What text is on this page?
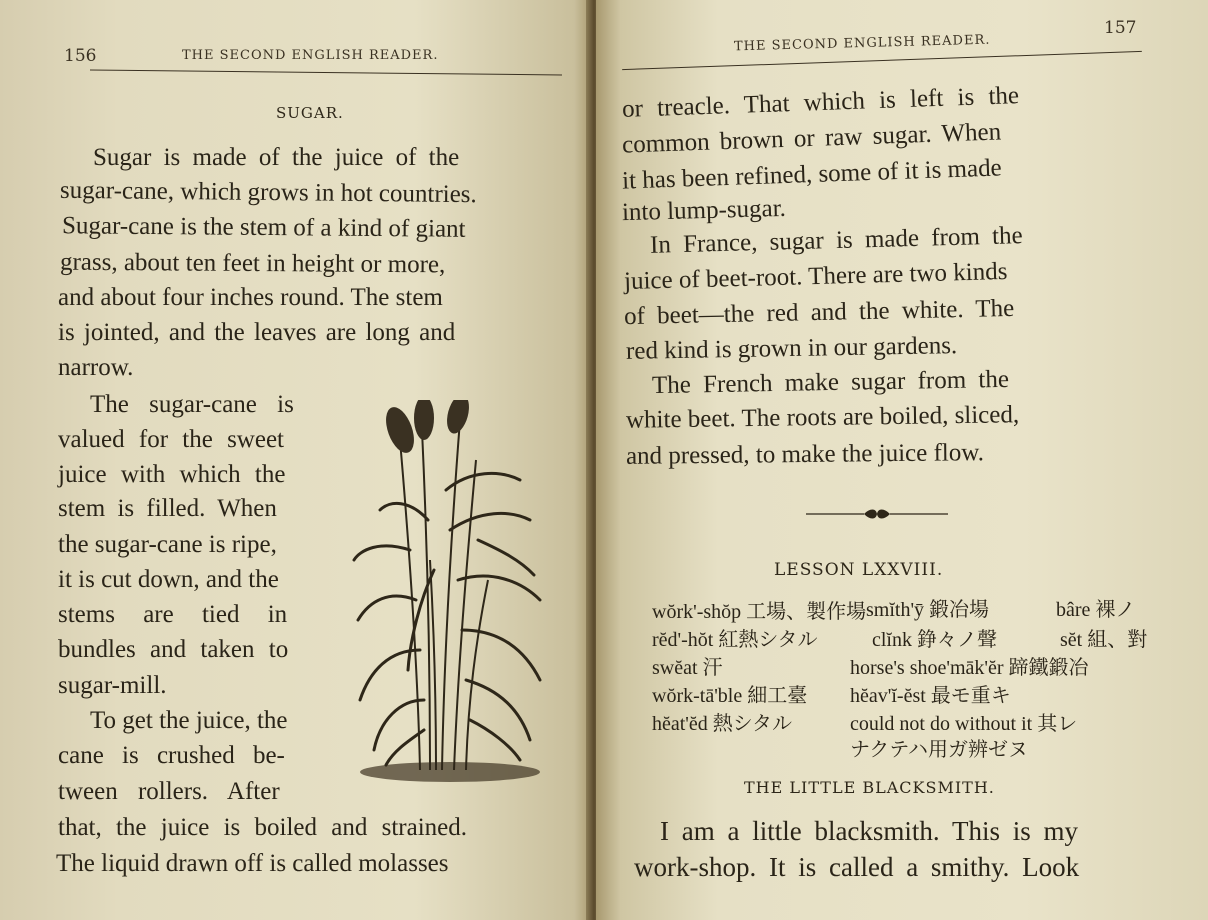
156	THE SECOND ENGLISH READER.
SUGAR.
Sugar is made of the juice of the
sugar-cane, which grows in hot countries.
Sugar-cane is the stem of a kind of giant
grass, about ten feet in height or more,
and about four inches round. The stem
is jointed, and the leaves are long and
narrow.
The sugar-cane is
valued for the sweet
juice with which the
stem is filled. When
the sugar-cane is ripe,
it is cut down, and the
stems are tied in
bundles and taken to
sugar-mill.
To get the juice, the
cane is crushed be-
tween rollers. After
that, the juice is boiled and strained.
The liquid drawn off is called molasses
THE SECOND ENGLISH READER.
157
or treacle. That which is left is the
common brown or raw sugar. When
it has been refined, some of it is made
into lump-sugar.
In France, sugar is made from the
juice of beet-root. There are two kinds
of beet—the red and the white. The
red kind is grown in our gardens.
The French make sugar from the
white beet. The roots are boiled, sliced,
and pressed, to make the juice flow.
LESSON LXXVIII.
wŏrk'-shŏp 工場、製作場 smĭth'ȳ 鍛冶場	bâre 裸ノ
rĕd'-hŏt 紅熱シタル	clĭnk 錚々ノ聲	sĕt 組、對
swĕat 汗	horse's shoe'māk'ĕr 蹄鐵鍛冶
wŏrk-tā'ble 細工臺 hĕav'ĭ-ĕst 最モ重キ
hĕat'ĕd 熱シタル	could not do without it 其レ
ナクテハ用ガ辨ゼヌ
THE LITTLE BLACKSMITH.
I am a little blacksmith. This is my
work-shop. It is called a smithy. Look
